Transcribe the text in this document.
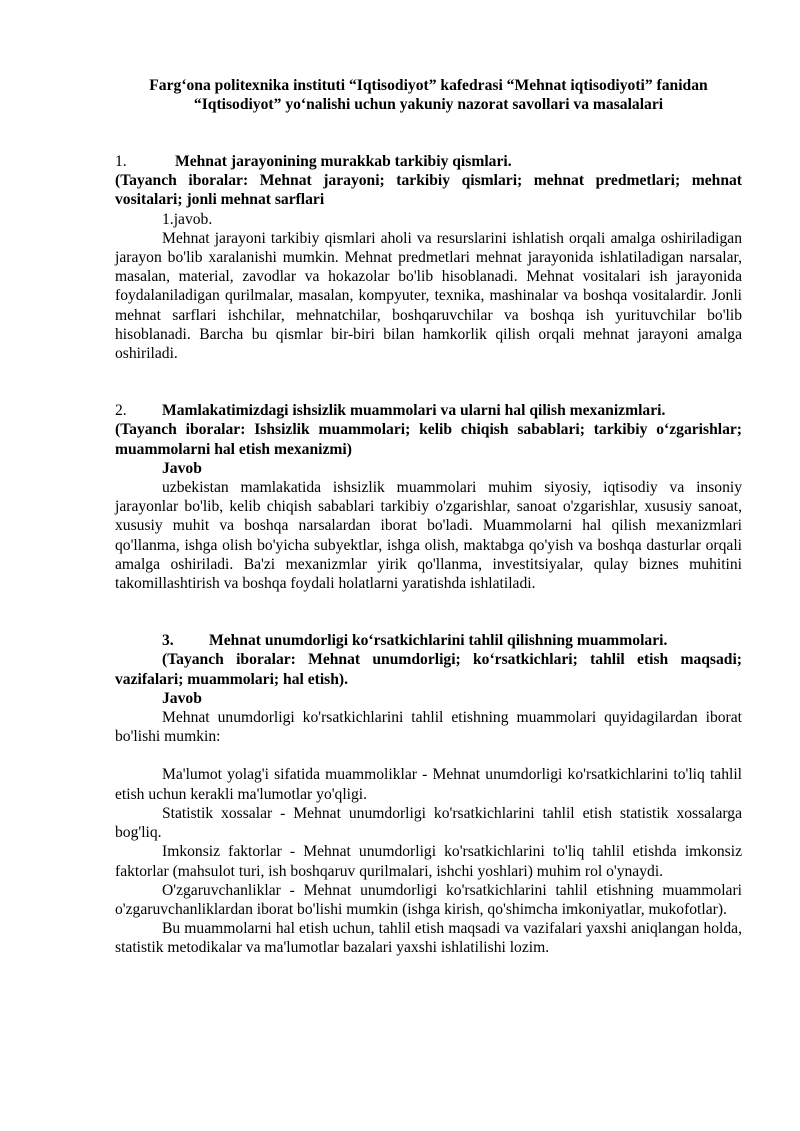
Farg‘ona politexnika instituti “Iqtisodiyot” kafedrasi “Mehnat iqtisodiyoti” fanidan
“Iqtisodiyot” yo‘nalishi uchun yakuniy nazorat savollari va masalalari
1.	Mehnat jarayonining murakkab tarkibiy qismlari.

(Tayanch iboralar: Mehnat jarayoni; tarkibiy qismlari; mehnat predmetlari; mehnat vositalari; jonli mehnat sarflari

1.javob.

Mehnat jarayoni tarkibiy qismlari aholi va resurslarini ishlatish orqali amalga oshiriladigan jarayon bo'lib xaralanishi mumkin. Mehnat predmetlari mehnat jarayonida ishlatiladigan narsalar, masalan, material, zavodlar va hokazolar bo'lib hisoblanadi. Mehnat vositalari ish jarayonida foydalaniladigan qurilmalar, masalan, kompyuter, texnika, mashinalar va boshqa vositalardir. Jonli mehnat sarflari ishchilar, mehnatchilar, boshqaruvchilar va boshqa ish yurituvchilar bo'lib hisoblanadi. Barcha bu qismlar bir-biri bilan hamkorlik qilish orqali mehnat jarayoni amalga oshiriladi.

2. Mamlakatimizdagi ishsizlik muammolari va ularni hal qilish mexanizmlari.

(Tayanch iboralar: Ishsizlik muammolari; kelib chiqish sabablari; tarkibiy o‘zgarishlar; muammolarni hal etish mexanizmi)

Javob

uzbekistan mamlakatida ishsizlik muammolari muhim siyosiy, iqtisodiy va insoniy jarayonlar bo'lib, kelib chiqish sabablari tarkibiy o'zgarishlar, sanoat o'zgarishlar, xususiy sanoat, xususiy muhit va boshqa narsalardan iborat bo'ladi. Muammolarni hal qilish mexanizmlari qo'llanma, ishga olish bo'yicha subyektlar, ishga olish, maktabga qo'yish va boshqa dasturlar orqali amalga oshiriladi. Ba'zi mexanizmlar yirik qo'llanma, investitsiyalar, qulay biznes muhitini takomillashtirish va boshqa foydali holatlarni yaratishda ishlatiladi.

3. Mehnat unumdorligi ko‘rsatkichlarini tahlil qilishning muammolari.

(Tayanch iboralar: Mehnat unumdorligi; ko‘rsatkichlari; tahlil etish maqsadi; vazifalari; muammolari; hal etish).

Javob

Mehnat unumdorligi ko'rsatkichlarini tahlil etishning muammolari quyidagilardan iborat bo'lishi mumkin:

Ma'lumot yolag'i sifatida muammoliklar - Mehnat unumdorligi ko'rsatkichlarini to'liq tahlil etish uchun kerakli ma'lumotlar yo'qligi.

Statistik xossalar - Mehnat unumdorligi ko'rsatkichlarini tahlil etish statistik xossalarga bog'liq.

Imkonsiz faktorlar - Mehnat unumdorligi ko'rsatkichlarini to'liq tahlil etishda imkonsiz faktorlar (mahsulot turi, ish boshqaruv qurilmalari, ishchi yoshlari) muhim rol o'ynaydi.

O'zgaruvchanliklar - Mehnat unumdorligi ko'rsatkichlarini tahlil etishning muammolari o'zgaruvchanliklardan iborat bo'lishi mumkin (ishga kirish, qo'shimcha imkoniyatlar, mukofotlar).

Bu muammolarni hal etish uchun, tahlil etish maqsadi va vazifalari yaxshi aniqlangan holda, statistik metodikalar va ma'lumotlar bazalari yaxshi ishlatilishi lozim.
